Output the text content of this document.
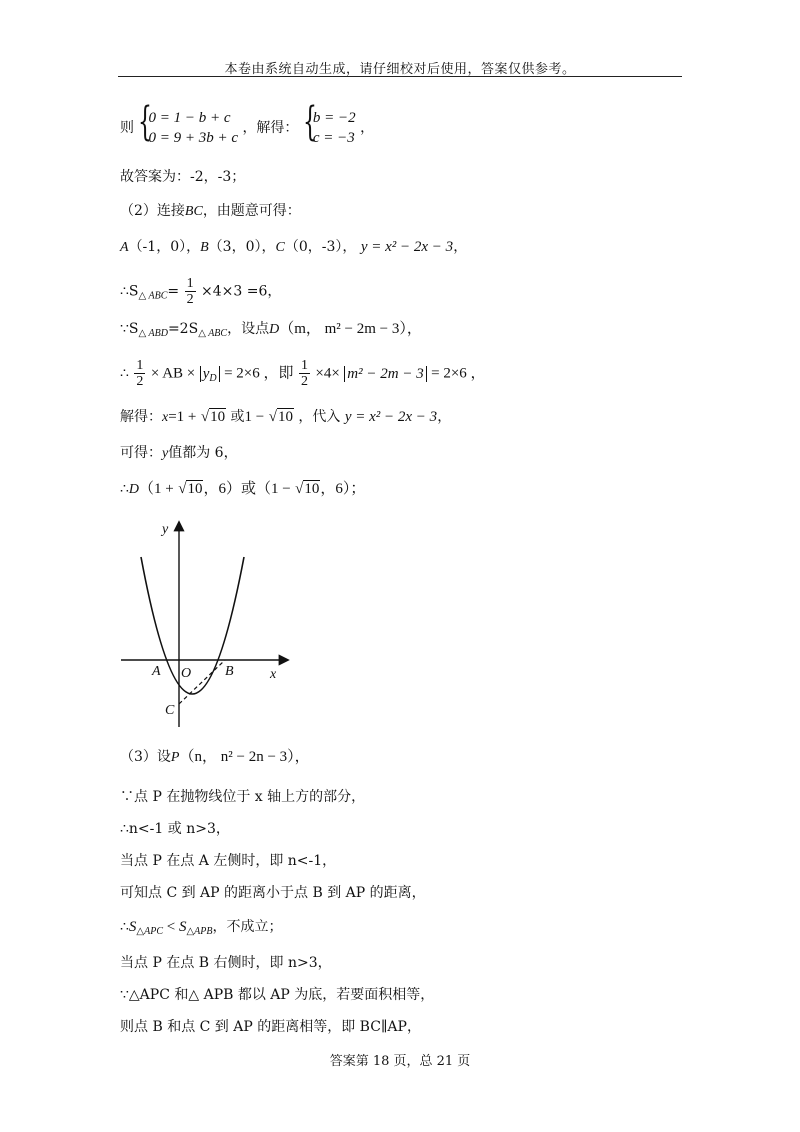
本卷由系统自动生成，请仔细校对后使用，答案仅供参考。
则 {
0 = 1 − b + c
0 = 9 + 3b + c
，解得： {
b = −2
c = −3
，
故答案为：-2，-3；
（2）连接BC，由题意可得：
A（-1，0），B（3，0），C（0，-3）， y = x² − 2x − 3，
$\therefore S_{\triangle ABC}= \frac{1}{2} \times 4\times 3 =6$，
$\because S_{\triangle ABD}=2S_{\triangle ABC}$，设点D（m， m² − 2m − 3），
∴ $\frac{1}{2}$ × AB × $y_D = 2\times 6$ ，即 $\frac{1}{2} \times 4\times m^2 - 2m - 3 = 2\times 6$ ，
解得：x=1 + √10 或1 − √10 ，代入 y = x² − 2x − 3，
可得：y值都为 6，
∴D（1 + √10，6）或（1 − √10，6）；
y
x
O
A	B
C
（3）设P（n， n² − 2n − 3），
∵点 P 在抛物线位于 x 轴上方的部分，
∴n<-1 或 n>3，
当点 P 在点 A 左侧时，即 n<-1，
可知点 C 到 AP 的距离小于点 B 到 AP 的距离，
$\therefore S_{\triangle APC} < S_{\triangle APB}$，不成立；
当点 P 在点 B 右侧时，即 n>3，
∵△APC 和△ APB 都以 AP 为底，若要面积相等，
则点 B 和点 C 到 AP 的距离相等，即 BC∥AP，
答案第 18 页，总 21 页
